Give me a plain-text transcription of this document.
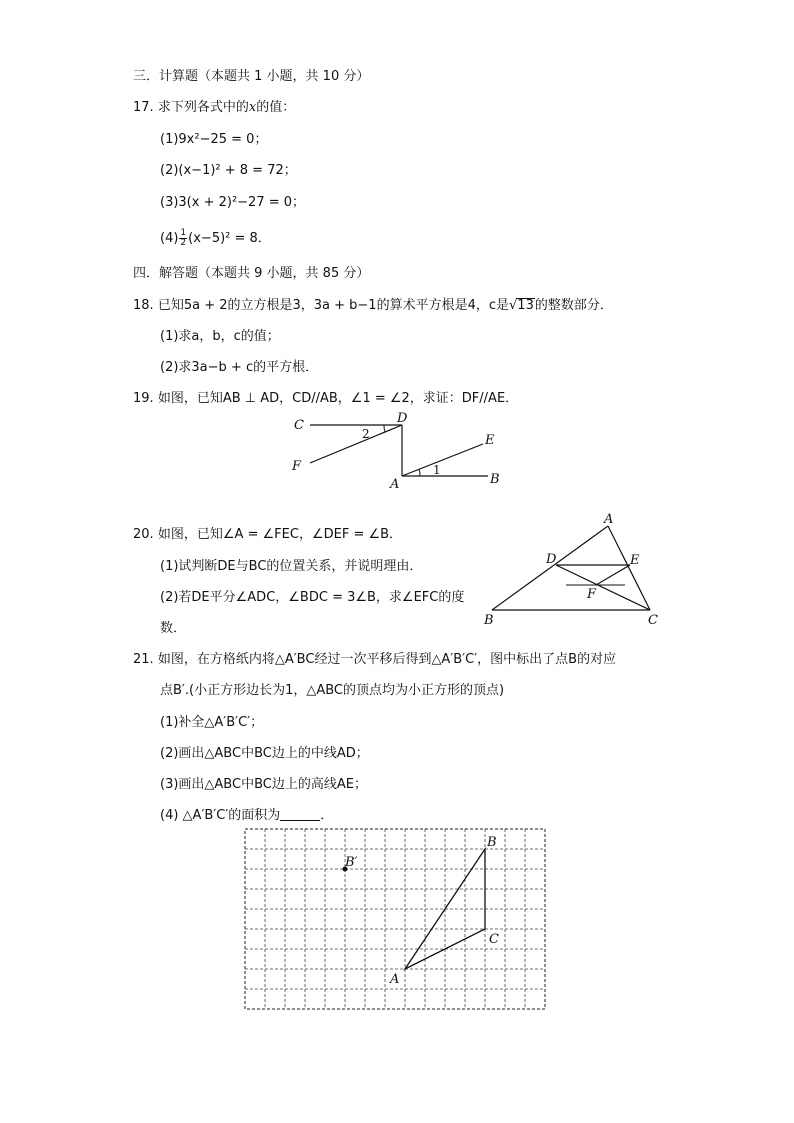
三．计算题（本题共 1 小题，共 10 分）
17. 求下列各式中的x的值：
(1)9x²−25 = 0；
(2)(x−1)² + 8 = 72；
(3)3(x + 2)²−27 = 0；
$(4) \frac{1}{2} (x-5)^2 = 8$．
四．解答题（本题共 9 小题，共 85 分）
18. 已知5a + 2的立方根是3，3a + b−1的算术平方根是4，c是√13的整数部分．
(1)求a，b，c的值；
(2)求3a−b + c的平方根．
19. 如图，已知AB ⊥ AD，CD//AB，∠1 = ∠2，求证：DF//AE．
C	D
E
F
A	B
1
2
20. 如图，已知∠A = ∠FEC，∠DEF = ∠B．
(1)试判断DE与BC的位置关系，并说明理由．
(2)若DE平分∠ADC，∠BDC = 3∠B，求∠EFC的度
数．
A
D	E
F
B	C
21. 如图，在方格纸内将△A′BC经过一次平移后得到△A′B′C′，图中标出了点B的对应
点B′.(小正方形边长为1，△ABC的顶点均为小正方形的顶点)
(1)补全△A′B′C′；
(2)画出△ABC中BC边上的中线AD；
(3)画出△ABC中BC边上的高线AE；
(4) △A′B′C′的面积为	．
B
C
A
B′
